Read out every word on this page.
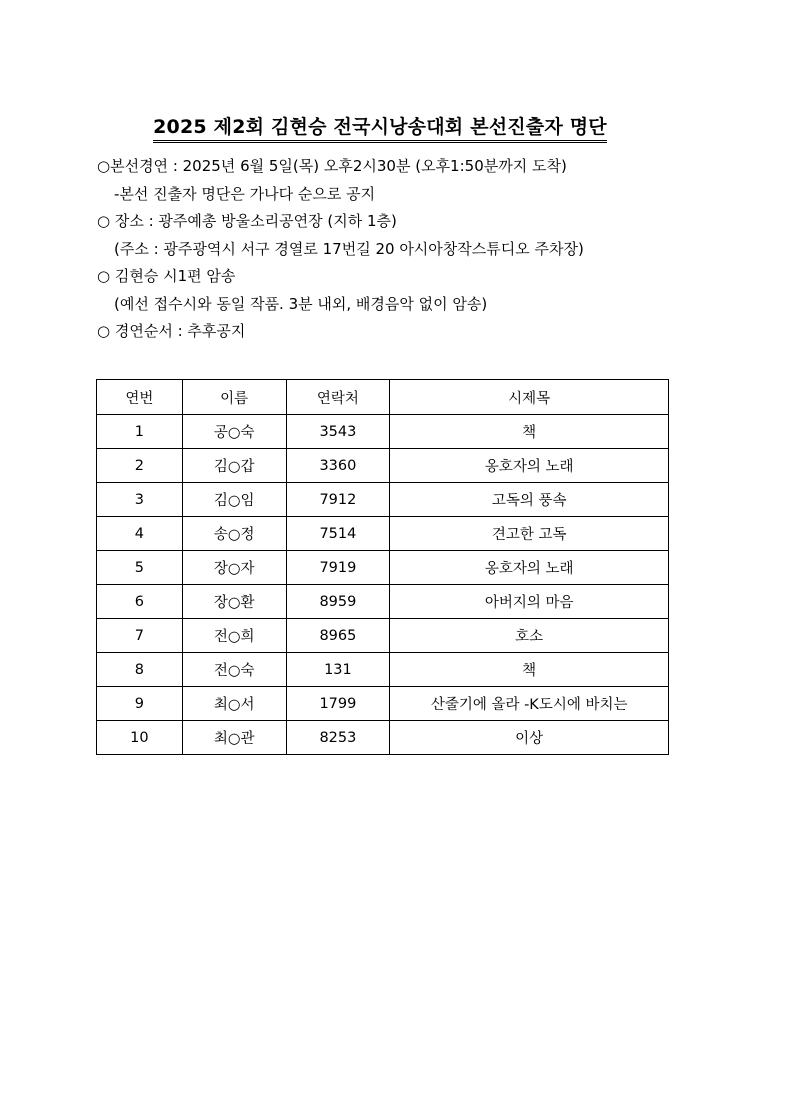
2025 제2회 김현승 전국시낭송대회 본선진출자 명단
○본선경연 : 2025년 6월 5일(목) 오후2시30분 (오후1:50분까지 도착)
-본선 진출자 명단은 가나다 순으로 공지
○ 장소 : 광주예총 방울소리공연장 (지하 1층)
(주소 : 광주광역시 서구 경열로 17번길 20 아시아창작스튜디오 주차장)
○ 김현승 시1편 암송
(예선 접수시와 동일 작품. 3분 내외, 배경음악 없이 암송)
○ 경연순서 : 추후공지
연번	이름	연락처	시제목
1	공○숙	3543	책
2	김○갑	3360	옹호자의 노래
3	김○임	7912	고독의 풍속
4	송○정	7514	견고한 고독
5	장○자	7919	옹호자의 노래
6	장○환	8959	아버지의 마음
7	전○희	8965	호소
8	전○숙	131	책
9	최○서	1799	산줄기에 올라 -K도시에 바치는
10	최○관	8253	이상
